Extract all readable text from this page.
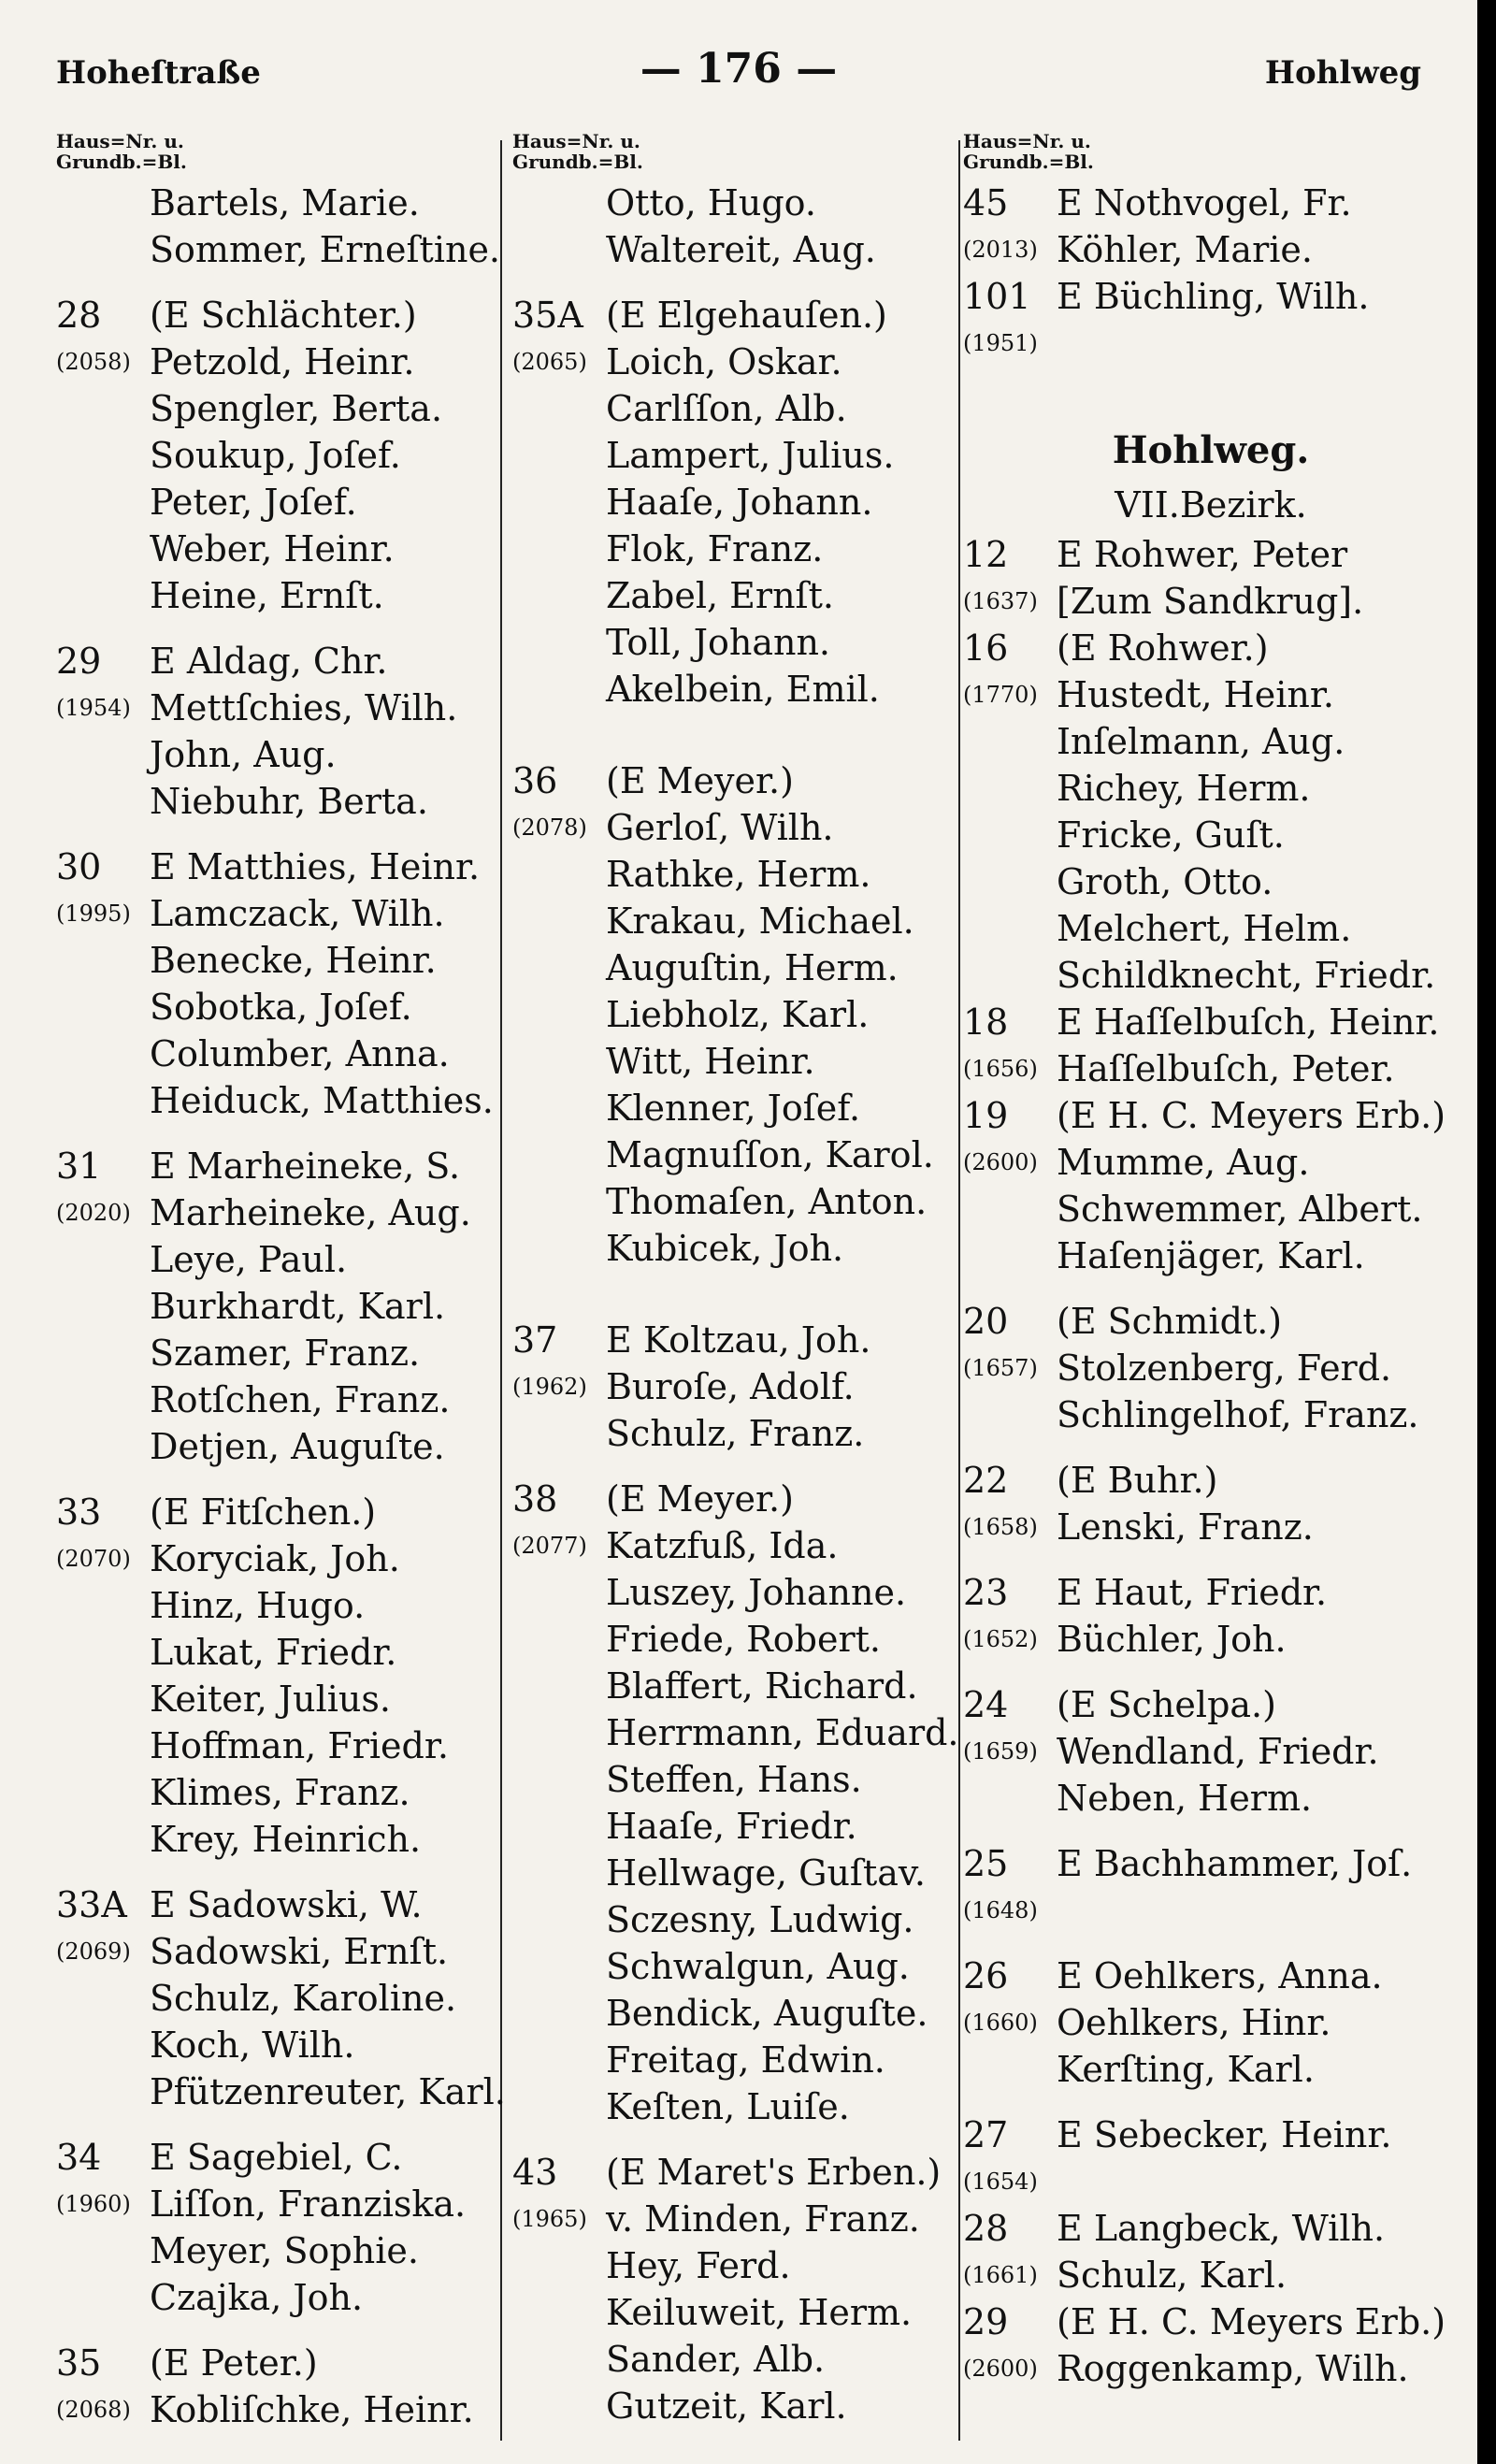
Hoheſtraße	— 176 —	Hohlweg
Haus=Nr. u.
Grundb.=Bl.
Bartels, Marie.
Sommer, Erneſtine.
28 (E Schlächter.)
(2058) Petzold, Heinr.
Spengler, Berta.
Soukup, Joſef.
Peter, Joſef.
Weber, Heinr.
Heine, Ernſt.
29 E Aldag, Chr.
(1954) Mettſchies, Wilh.
John, Aug.
Niebuhr, Berta.
30 E Matthies, Heinr.
(1995) Lamczack, Wilh.
Benecke, Heinr.
Sobotka, Joſef.
Columber, Anna.
Heiduck, Matthies.
31 E Marheineke, S.
(2020) Marheineke, Aug.
Leye, Paul.
Burkhardt, Karl.
Szamer, Franz.
Rotſchen, Franz.
Detjen, Auguſte.
33 (E Fitſchen.)
(2070) Koryciak, Joh.
Hinz, Hugo.
Lukat, Friedr.
Keiter, Julius.
Hoffman, Friedr.
Klimes, Franz.
Krey, Heinrich.
33A E Sadowski, W.
(2069) Sadowski, Ernſt.
Schulz, Karoline.
Koch, Wilh.
Pfützenreuter, Karl.
34 E Sagebiel, C.
(1960) Liſſon, Franziska.
Meyer, Sophie.
Czajka, Joh.
35 (E Peter.)
(2068) Kobliſchke, Heinr.
Haus=Nr. u.
Grundb.=Bl.
Otto, Hugo.
Waltereit, Aug.
35A (E Elgehauſen.)
(2065) Loich, Oskar.
Carlſſon, Alb.
Lampert, Julius.
Haaſe, Johann.
Flok, Franz.
Zabel, Ernſt.
Toll, Johann.
Akelbein, Emil.
36 (E Meyer.)
(2078) Gerloſ, Wilh.
Rathke, Herm.
Krakau, Michael.
Auguſtin, Herm.
Liebholz, Karl.
Witt, Heinr.
Klenner, Joſef.
Magnuſſon, Karol.
Thomaſen, Anton.
Kubicek, Joh.
37 E Koltzau, Joh.
(1962) Buroſe, Adolf.
Schulz, Franz.
38 (E Meyer.)
(2077) Katzfuß, Ida.
Luszey, Johanne.
Friede, Robert.
Blaffert, Richard.
Herrmann, Eduard.
Steffen, Hans.
Haaſe, Friedr.
Hellwage, Guſtav.
Sczesny, Ludwig.
Schwalgun, Aug.
Bendick, Auguſte.
Freitag, Edwin.
Keſten, Luiſe.
43 (E Maret's Erben.)
(1965) v. Minden, Franz.
Hey, Ferd.
Keiluweit, Herm.
Sander, Alb.
Gutzeit, Karl.
Haus=Nr. u.
Grundb.=Bl.
45 E Nothvogel, Fr.
(2013) Köhler, Marie.
101 E Büchling, Wilh.
(1951)
Hohlweg.
VII.Bezirk.
12 E Rohwer, Peter
(1637) [Zum Sandkrug].
16 (E Rohwer.)
(1770) Hustedt, Heinr.
Inſelmann, Aug.
Richey, Herm.
Fricke, Guſt.
Groth, Otto.
Melchert, Helm.
Schildknecht, Friedr.
18 E Haſſelbuſch, Heinr.
(1656) Haſſelbuſch, Peter.
19 (E H. C. Meyers Erb.)
(2600) Mumme, Aug.
Schwemmer, Albert.
Haſenjäger, Karl.
20 (E Schmidt.)
(1657) Stolzenberg, Ferd.
Schlingelhof, Franz.
22 (E Buhr.)
(1658) Lenski, Franz.
23 E Haut, Friedr.
(1652) Büchler, Joh.
24 (E Schelpa.)
(1659) Wendland, Friedr.
Neben, Herm.
25 E Bachhammer, Joſ.
(1648)
26 E Oehlkers, Anna.
(1660) Oehlkers, Hinr.
Kerſting, Karl.
27 E Sebecker, Heinr.
(1654)
28 E Langbeck, Wilh.
(1661) Schulz, Karl.
29 (E H. C. Meyers Erb.)
(2600) Roggenkamp, Wilh.
